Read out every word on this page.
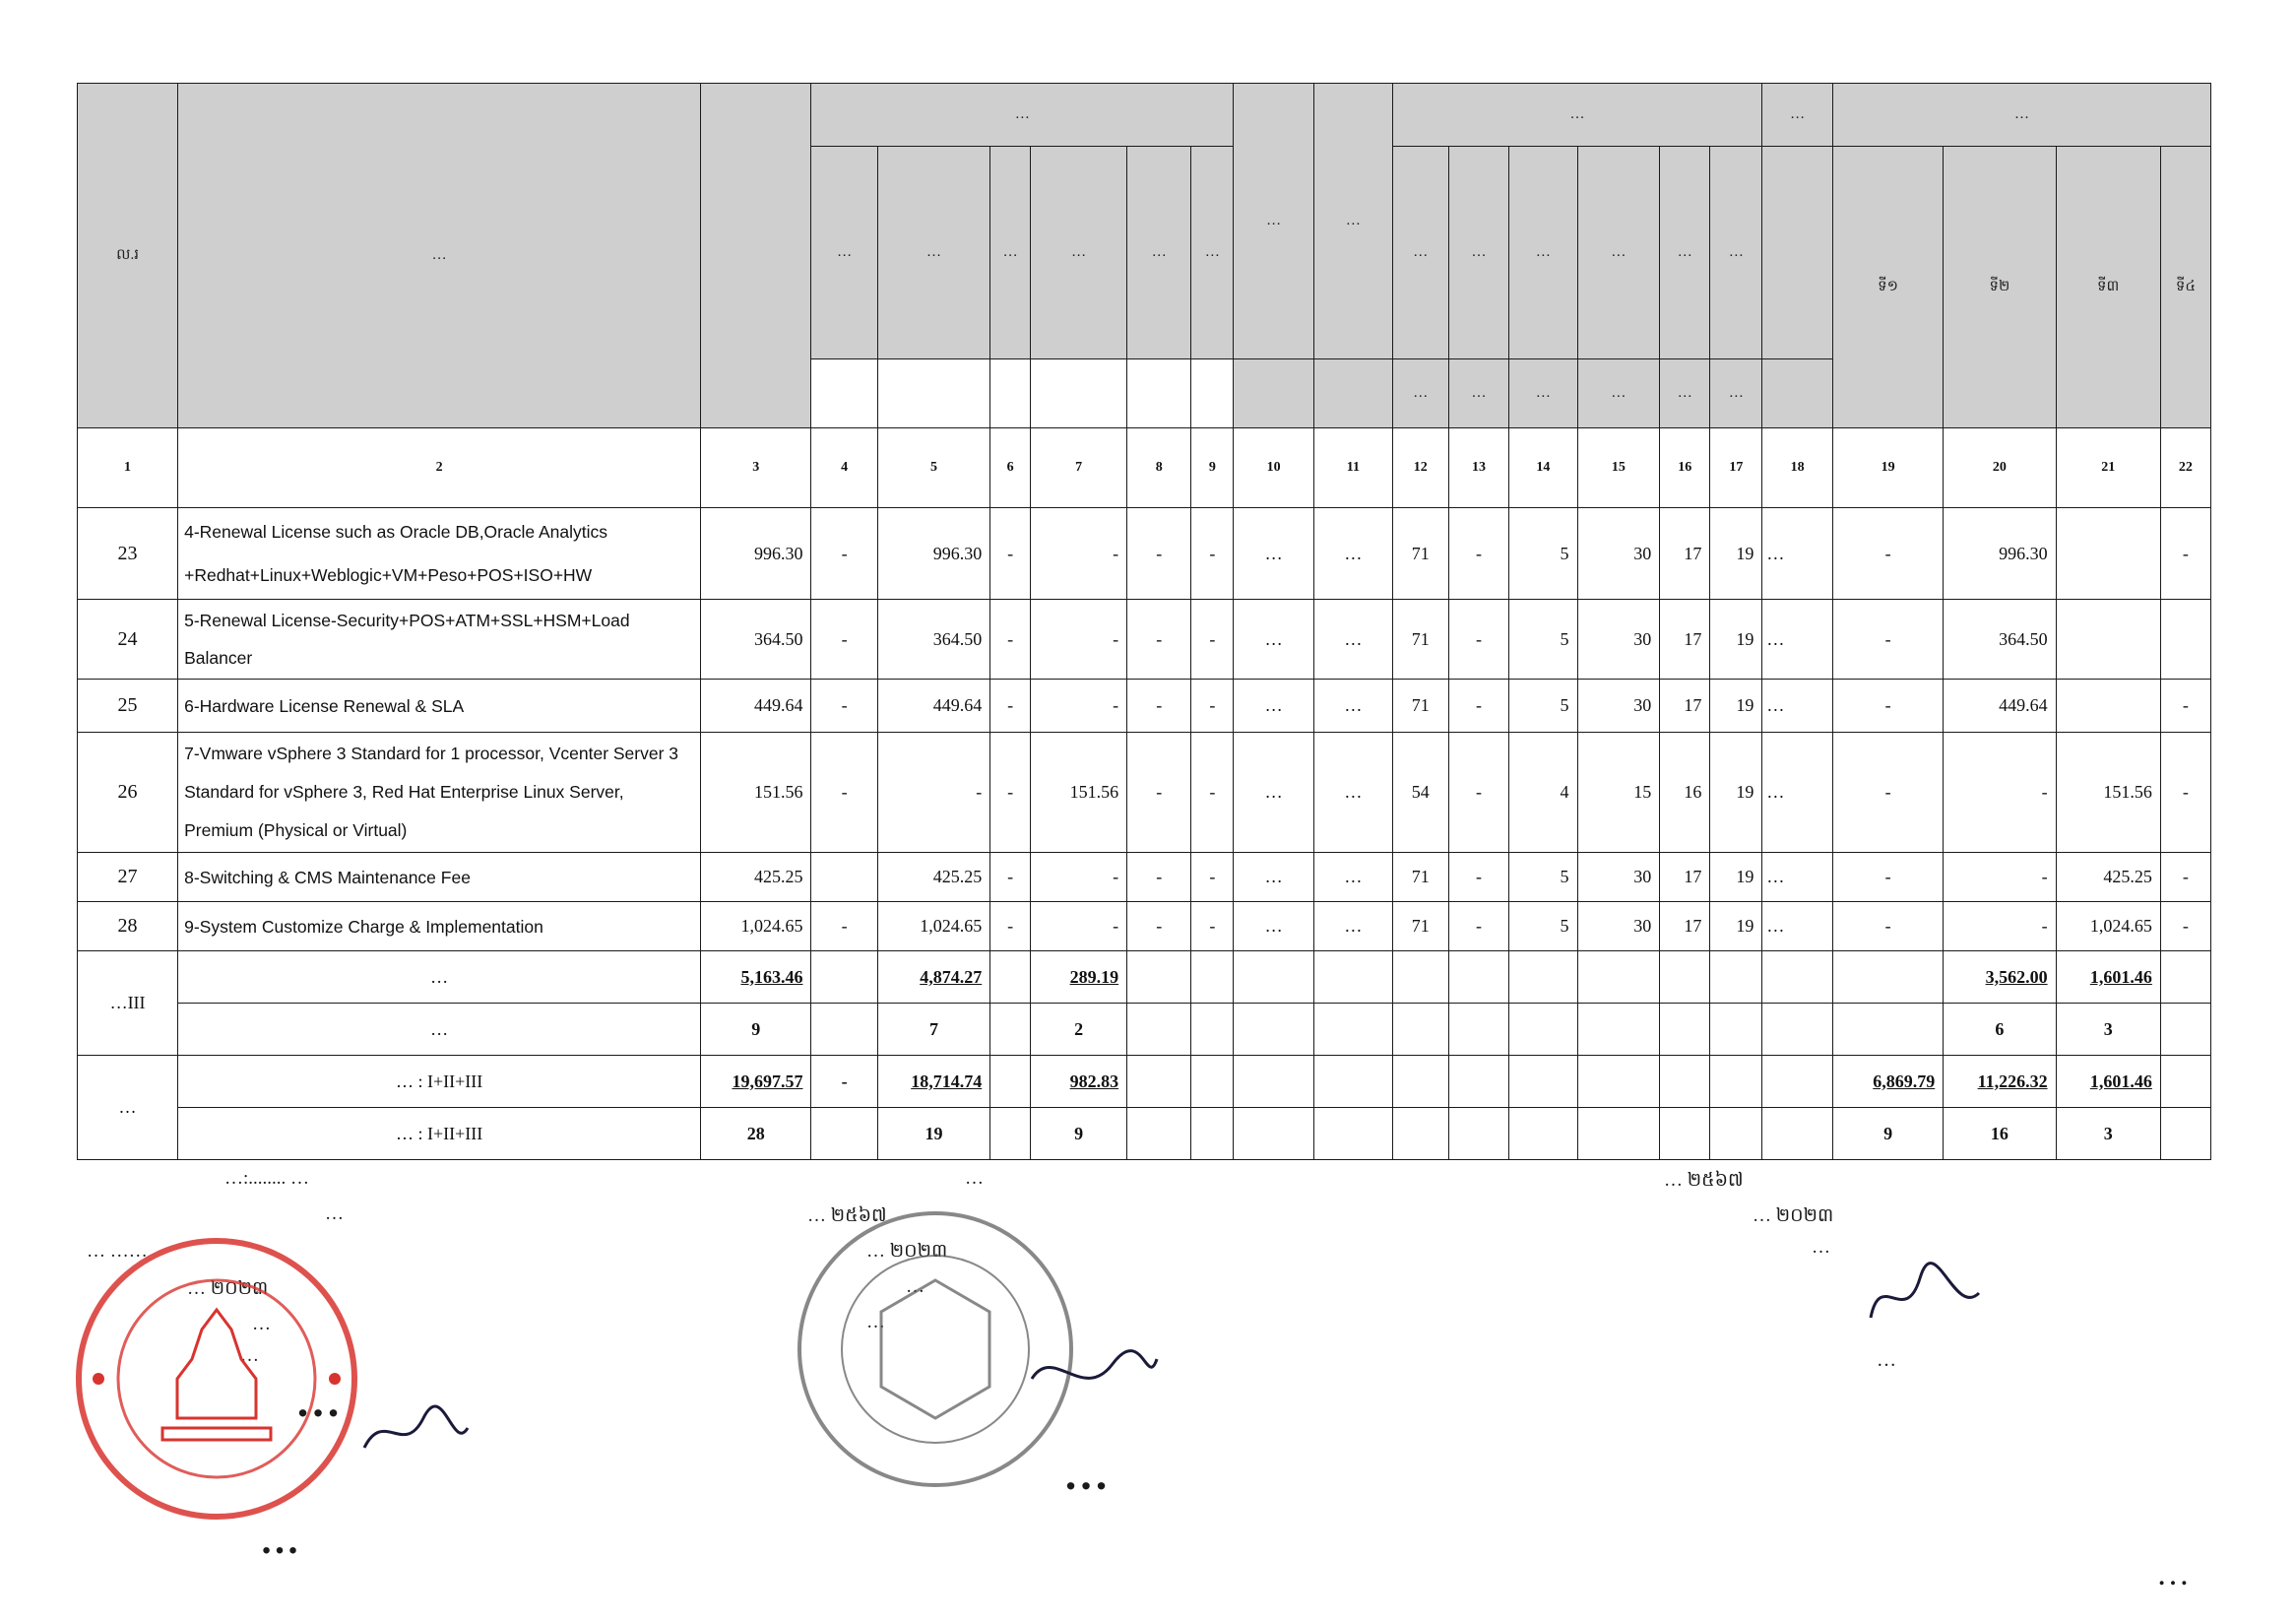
ល.រ	…		…						…	…	…						…	…			
			…	…	…	…	…	…			…	…	…	…	…	…		ទី១	ទី២	ទី៣	ទី៤
											…	…	…	…	…	…					
1	2	3	4	5	6	7	8	9	10	11	12	13	14	15	16	17	18	19	20	21	22
23	4-Renewal License such as Oracle DB,Oracle Analytics
+Redhat+Linux+Weblogic+VM+Peso+POS+ISO+HW	996.30	-	996.30	-	-	-	-	…	…	71	-	5	30	17	19	…	-	996.30		-
24	5-Renewal License-Security+POS+ATM+SSL+HSM+Load
Balancer	364.50	-	364.50	-	-	-	-	…	…	71	-	5	30	17	19	…	-	364.50		
25	6-Hardware License Renewal & SLA	449.64	-	449.64	-	-	-	-	…	…	71	-	5	30	17	19	…	-	449.64		-
26	7-Vmware vSphere 3 Standard for 1 processor, Vcenter Server 3
Standard for vSphere 3, Red Hat Enterprise Linux Server,
Premium (Physical or Virtual)	151.56	-	-	-	151.56	-	-	…	…	54	-	4	15	16	19	…	-	-	151.56	-
27	8-Switching & CMS Maintenance Fee	425.25		425.25	-	-	-	-	…	…	71	-	5	30	17	19	…	-	-	425.25	-
28	9-System Customize Charge & Implementation	1,024.65	-	1,024.65	-	-	-	-	…	…	71	-	5	30	17	19	…	-	-	1,024.65	-
…III	…	5,163.46		4,874.27		289.19													3,562.00	1,601.46	
	…	9		7		2													6	3	
…	… : I+II+III	19,697.57	-	18,714.74		982.83												6,869.79	11,226.32	1,601.46	
	… : I+II+III	28		19		9												9	16	3	
…:........ …
…
… ……
… ២០២៣
…
…
…
…
…
… ២៥៦៧
… ២០២៣
…
…
…
… ២៥៦៧
… ២០២៣
…
…
…
